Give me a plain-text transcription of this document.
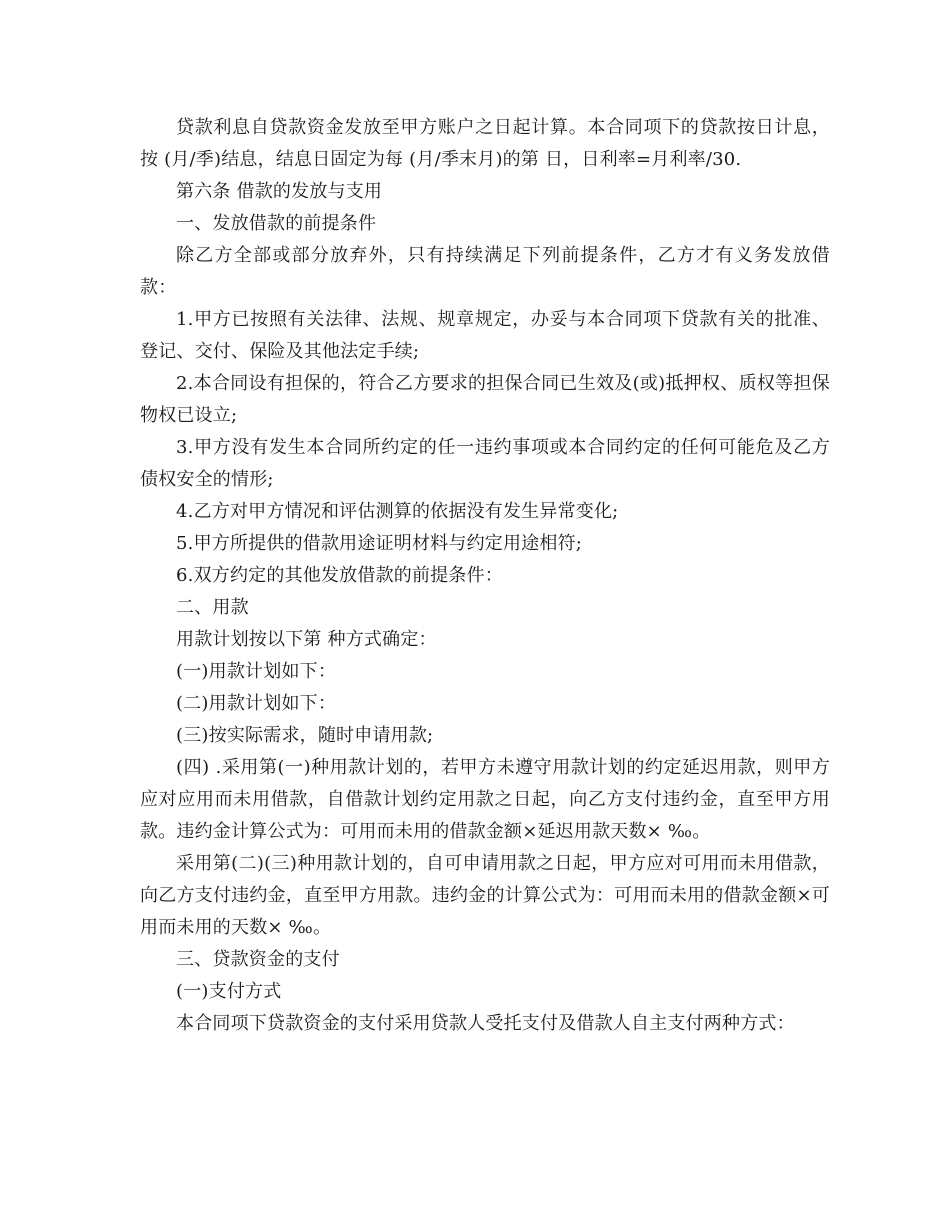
贷款利息自贷款资金发放至甲方账户之日起计算。本合同项下的贷款按日计息，按 (月/季)结息，结息日固定为每 (月/季末月)的第 日，日利率=月利率/30.

第六条 借款的发放与支用

一、发放借款的前提条件

除乙方全部或部分放弃外，只有持续满足下列前提条件，乙方才有义务发放借款：

1.甲方已按照有关法律、法规、规章规定，办妥与本合同项下贷款有关的批准、登记、交付、保险及其他法定手续;

2.本合同设有担保的，符合乙方要求的担保合同已生效及(或)抵押权、质权等担保物权已设立;

3.甲方没有发生本合同所约定的任一违约事项或本合同约定的任何可能危及乙方债权安全的情形;

4.乙方对甲方情况和评估测算的依据没有发生异常变化;

5.甲方所提供的借款用途证明材料与约定用途相符;

6.双方约定的其他发放借款的前提条件：

二、用款

用款计划按以下第 种方式确定：

(一)用款计划如下：

(二)用款计划如下：

(三)按实际需求，随时申请用款;

(四) .采用第(一)种用款计划的，若甲方未遵守用款计划的约定延迟用款，则甲方应对应用而未用借款，自借款计划约定用款之日起，向乙方支付违约金，直至甲方用款。违约金计算公式为：可用而未用的借款金额×延迟用款天数× ‰。

采用第(二)(三)种用款计划的，自可申请用款之日起，甲方应对可用而未用借款，向乙方支付违约金，直至甲方用款。违约金的计算公式为：可用而未用的借款金额×可用而未用的天数× ‰。

三、贷款资金的支付

(一)支付方式

本合同项下贷款资金的支付采用贷款人受托支付及借款人自主支付两种方式：
